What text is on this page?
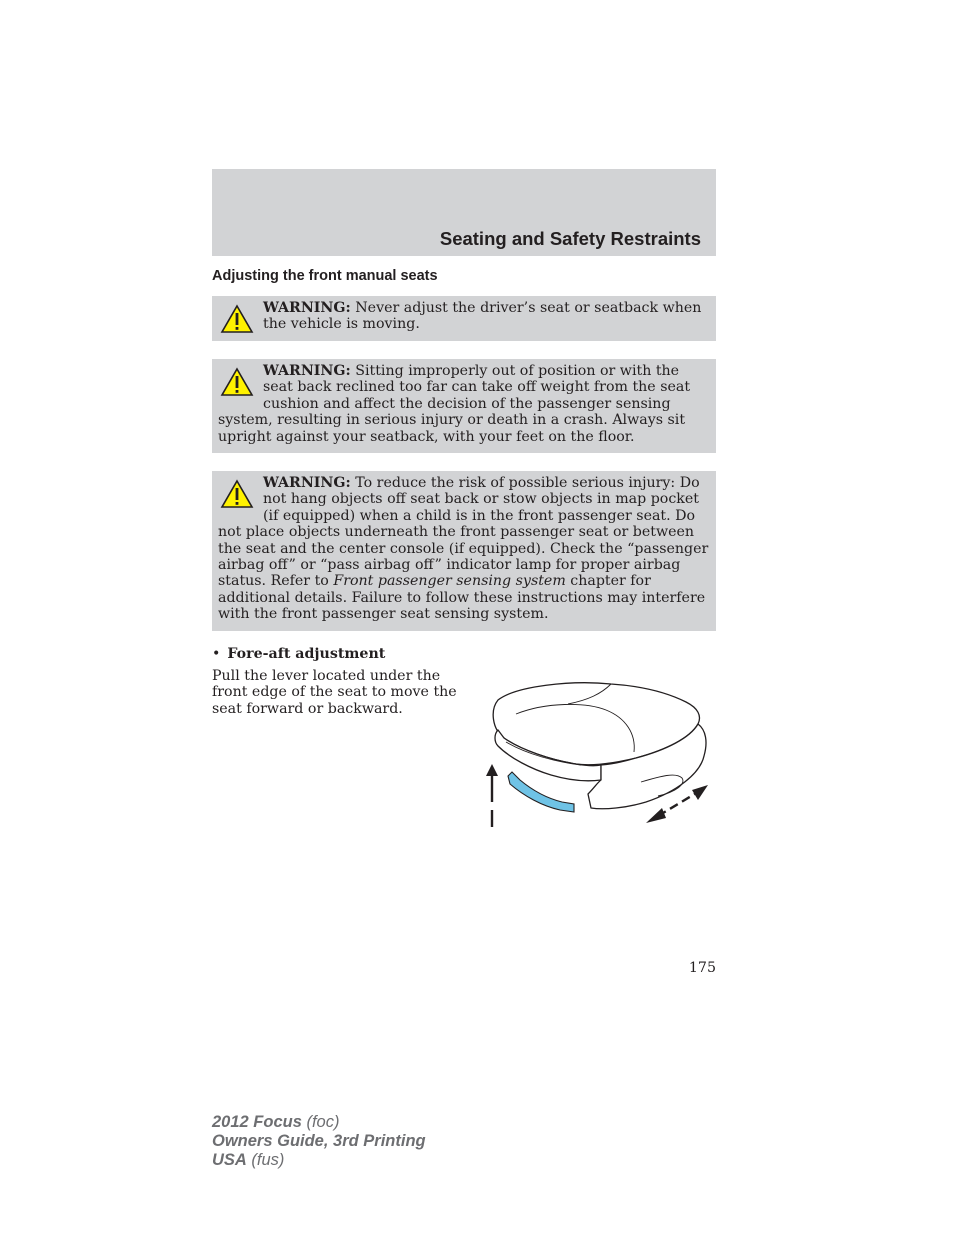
Seating and Safety Restraints
Adjusting the front manual seats
WARNING: Never adjust the driver’s seat or seatback when the vehicle is moving.
WARNING: Sitting improperly out of position or with the seat back reclined too far can take off weight from the seat cushion and affect the decision of the passenger sensing system, resulting in serious injury or death in a crash. Always sit upright against your seatback, with your feet on the floor.
WARNING: To reduce the risk of possible serious injury: Do not hang objects off seat back or stow objects in map pocket (if equipped) when a child is in the front passenger seat. Do not place objects underneath the front passenger seat or between the seat and the center console (if equipped). Check the “passenger airbag off” or “pass airbag off” indicator lamp for proper airbag status. Refer to Front passenger sensing system chapter for additional details. Failure to follow these instructions may interfere with the front passenger seat sensing system.
• Fore-aft adjustment
Pull the lever located under the front edge of the seat to move the seat forward or backward.
175
2012 Focus (foc)
Owners Guide, 3rd Printing
USA (fus)
